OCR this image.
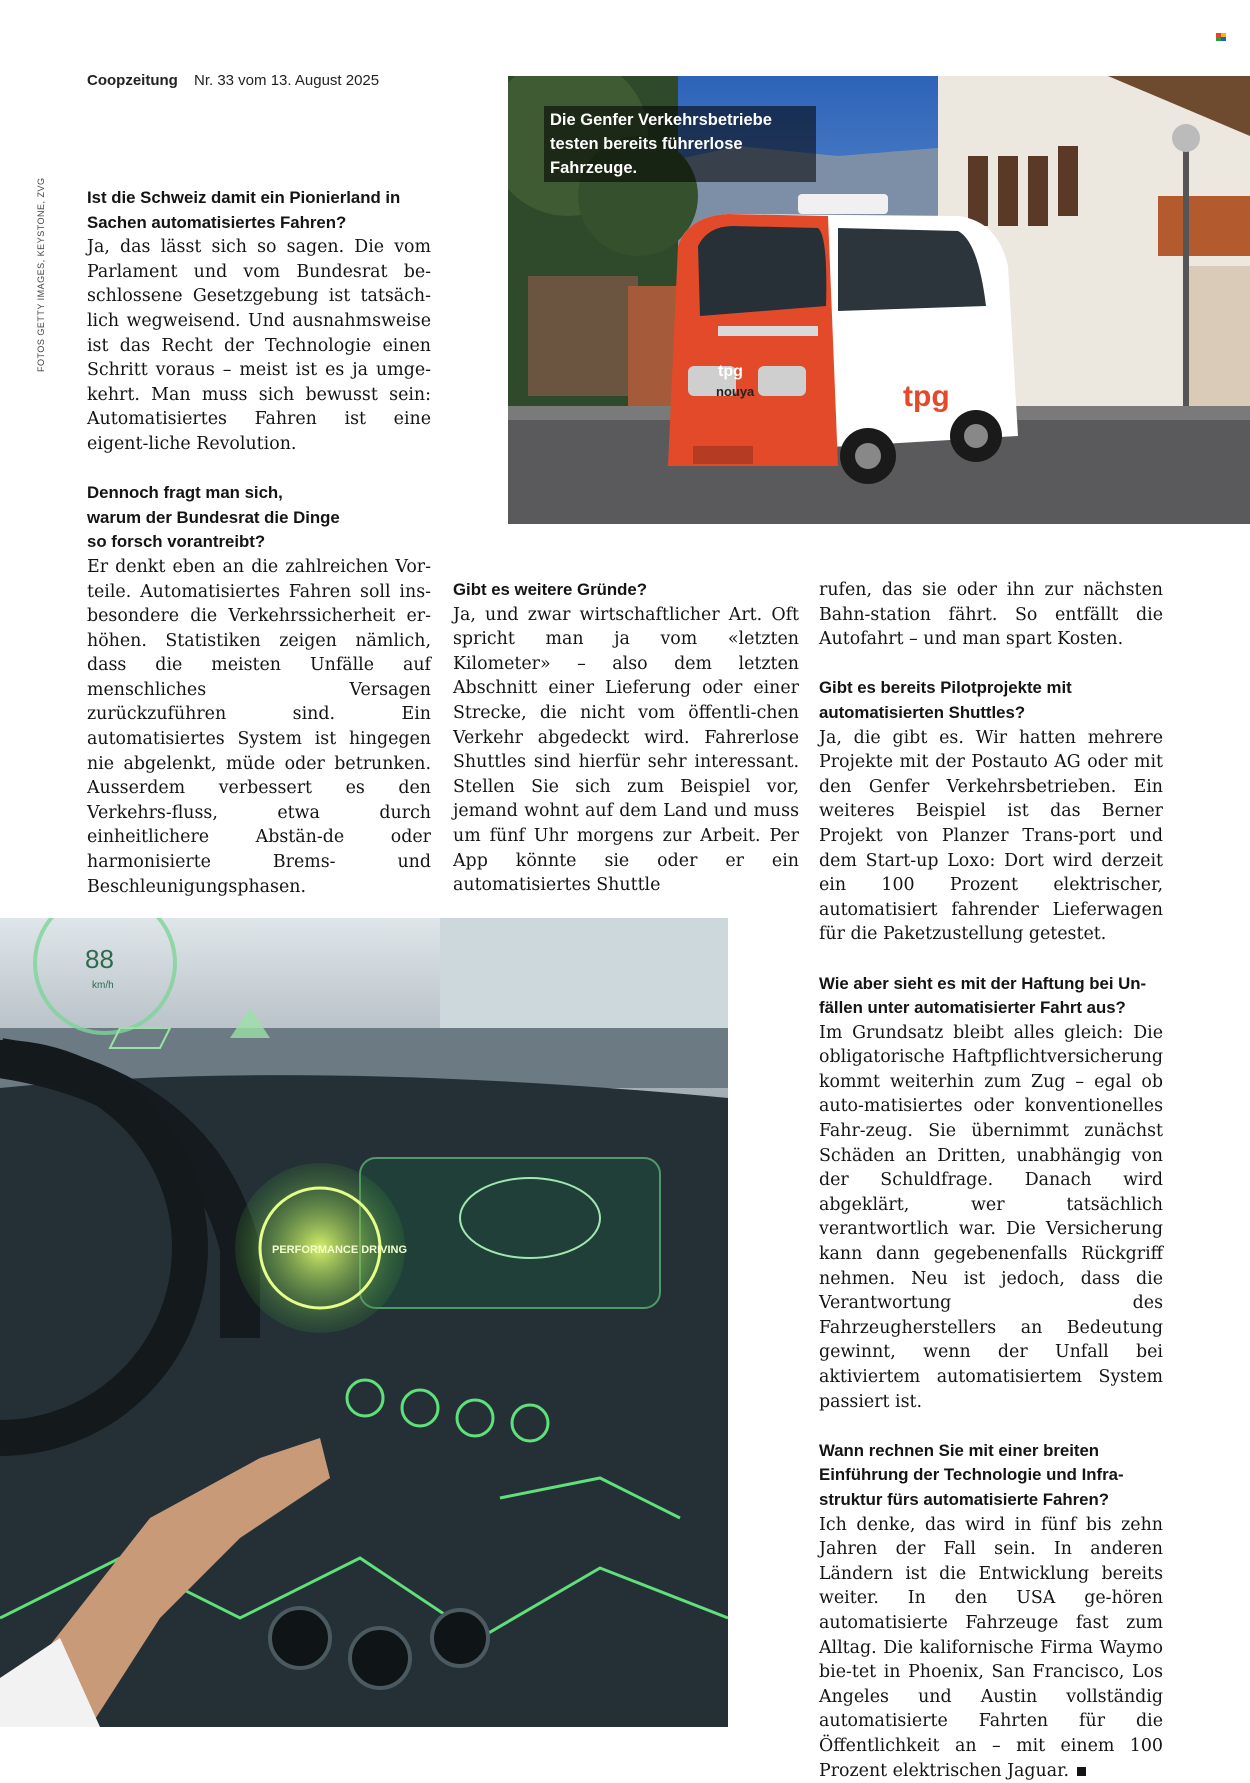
Coopzeitung Nr. 33 vom 13. August 2025
FOTOS GETTY IMAGES, KEYSTONE, ZVG	tpg
nouya	tpg
Die Genfer Verkehrsbetriebe testen bereits führerlose Fahrzeuge.
88
km/h
PERFORMANCE DRIVING

Ist die Schweiz damit ein Pionierland in
Sachen automatisiertes Fahren?

Ja, das lässt sich so sagen. Die vom Parlament und vom Bundesrat be-schlossene Gesetzgebung ist tatsäch-lich wegweisend. Und ausnahmsweise ist das Recht der Technologie einen Schritt voraus – meist ist es ja umge-kehrt. Man muss sich bewusst sein: Automatisiertes Fahren ist eine eigent-liche Revolution.

Dennoch fragt man sich,
warum der Bundesrat die Dinge
so forsch vorantreibt?

Er denkt eben an die zahlreichen Vor-teile. Automatisiertes Fahren soll ins-besondere die Verkehrssicherheit er-höhen. Statistiken zeigen nämlich, dass die meisten Unfälle auf menschliches Versagen zurückzuführen sind. Ein automatisiertes System ist hingegen nie abgelenkt, müde oder betrunken. Ausserdem verbessert es den Verkehrs-fluss, etwa durch einheitlichere Abstän-de oder harmonisierte Brems- und Beschleunigungsphasen.

Gibt es weitere Gründe?

Ja, und zwar wirtschaftlicher Art. Oft spricht man ja vom «letzten Kilometer» – also dem letzten Abschnitt einer Lieferung oder einer Strecke, die nicht vom öffentli-chen Verkehr abgedeckt wird. Fahrerlose Shuttles sind hierfür sehr interessant. Stellen Sie sich zum Beispiel vor, jemand wohnt auf dem Land und muss um fünf Uhr morgens zur Arbeit. Per App könnte sie oder er ein automatisiertes Shuttle

rufen, das sie oder ihn zur nächsten Bahn-station fährt. So entfällt die Autofahrt – und man spart Kosten.

Gibt es bereits Pilotprojekte mit
automatisierten Shuttles?

Ja, die gibt es. Wir hatten mehrere Projekte mit der Postauto AG oder mit den Genfer Verkehrsbetrieben. Ein weiteres Beispiel ist das Berner Projekt von Planzer Trans-port und dem Start-up Loxo: Dort wird derzeit ein 100 Prozent elektrischer, automatisiert fahrender Lieferwagen für die Paketzustellung getestet.

Wie aber sieht es mit der Haftung bei Un-
fällen unter automatisierter Fahrt aus?

Im Grundsatz bleibt alles gleich: Die obligatorische Haftpflichtversicherung kommt weiterhin zum Zug – egal ob auto-matisiertes oder konventionelles Fahr-zeug. Sie übernimmt zunächst Schäden an Dritten, unabhängig von der Schuldfrage. Danach wird abgeklärt, wer tatsächlich verantwortlich war. Die Versicherung kann dann gegebenenfalls Rückgriff nehmen. Neu ist jedoch, dass die Verantwortung des Fahrzeugherstellers an Bedeutung gewinnt, wenn der Unfall bei aktiviertem automatisiertem System passiert ist.

Wann rechnen Sie mit einer breiten
Einführung der Technologie und Infra-
struktur fürs automatisierte Fahren?

Ich denke, das wird in fünf bis zehn Jahren der Fall sein. In anderen Ländern ist die Entwicklung bereits weiter. In den USA ge-hören automatisierte Fahrzeuge fast zum Alltag. Die kalifornische Firma Waymo bie-tet in Phoenix, San Francisco, Los Angeles und Austin vollständig automatisierte Fahrten für die Öffentlichkeit an – mit einem 100 Prozent elektrischen Jaguar.
